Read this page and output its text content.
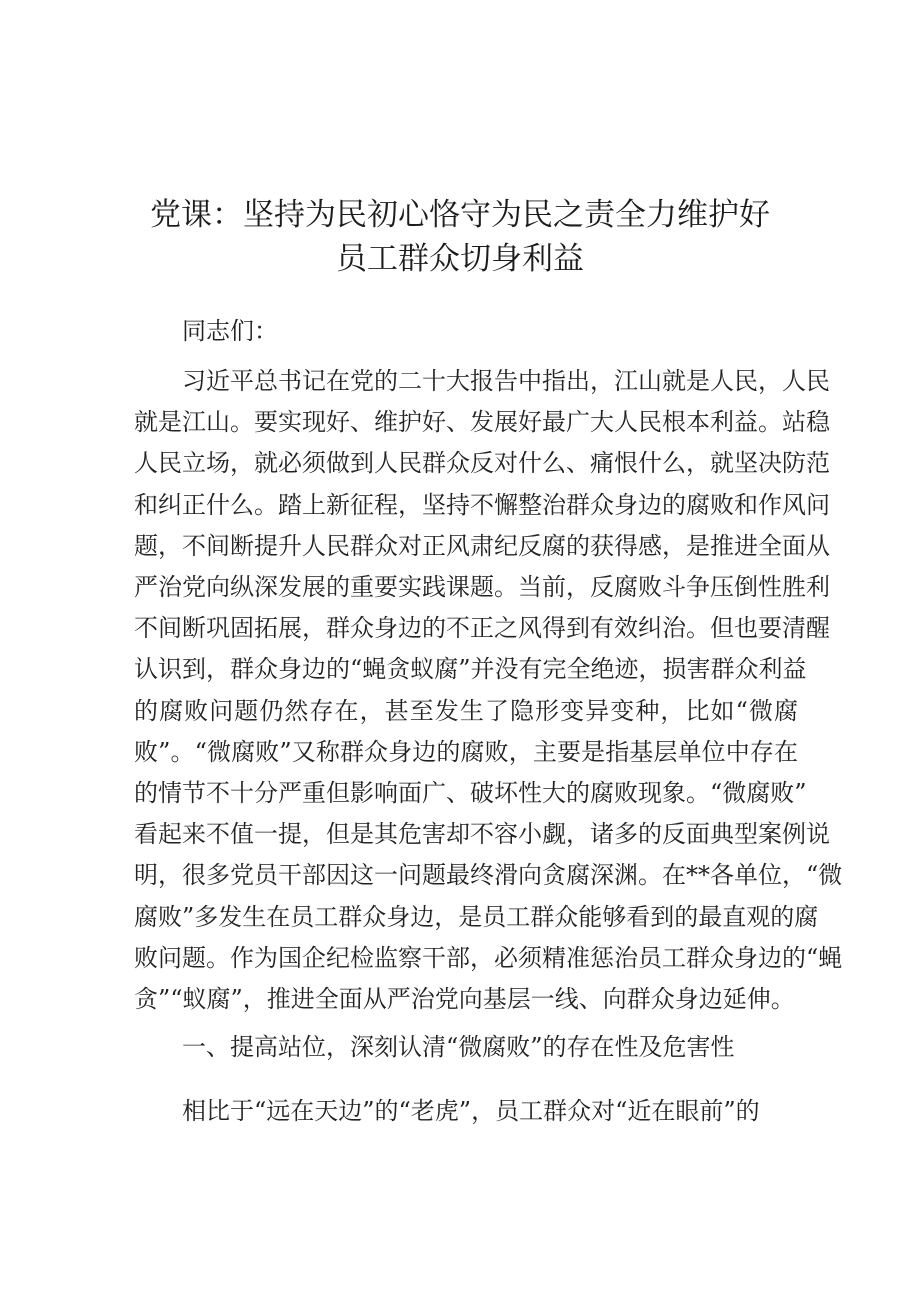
党课：坚持为民初心恪守为民之责全力维护好
员工群众切身利益

同志们：

习近平总书记在党的二十大报告中指出，江山就是人民，人民
就是江山。要实现好、维护好、发展好最广大人民根本利益。站稳
人民立场，就必须做到人民群众反对什么、痛恨什么，就坚决防范
和纠正什么。踏上新征程，坚持不懈整治群众身边的腐败和作风问
题，不间断提升人民群众对正风肃纪反腐的获得感，是推进全面从
严治党向纵深发展的重要实践课题。当前，反腐败斗争压倒性胜利
不间断巩固拓展，群众身边的不正之风得到有效纠治。但也要清醒
认识到，群众身边的“蝇贪蚁腐”并没有完全绝迹，损害群众利益
的腐败问题仍然存在，甚至发生了隐形变异变种，比如“微腐
败”。“微腐败”又称群众身边的腐败，主要是指基层单位中存在
的情节不十分严重但影响面广、破坏性大的腐败现象。“微腐败”
看起来不值一提，但是其危害却不容小觑，诸多的反面典型案例说
明，很多党员干部因这一问题最终滑向贪腐深渊。在**各单位，“微
腐败”多发生在员工群众身边，是员工群众能够看到的最直观的腐
败问题。作为国企纪检监察干部，必须精准惩治员工群众身边的“蝇
贪”“蚁腐”，推进全面从严治党向基层一线、向群众身边延伸。

一、提高站位，深刻认清“微腐败”的存在性及危害性

相比于“远在天边”的“老虎”，员工群众对“近在眼前”的
